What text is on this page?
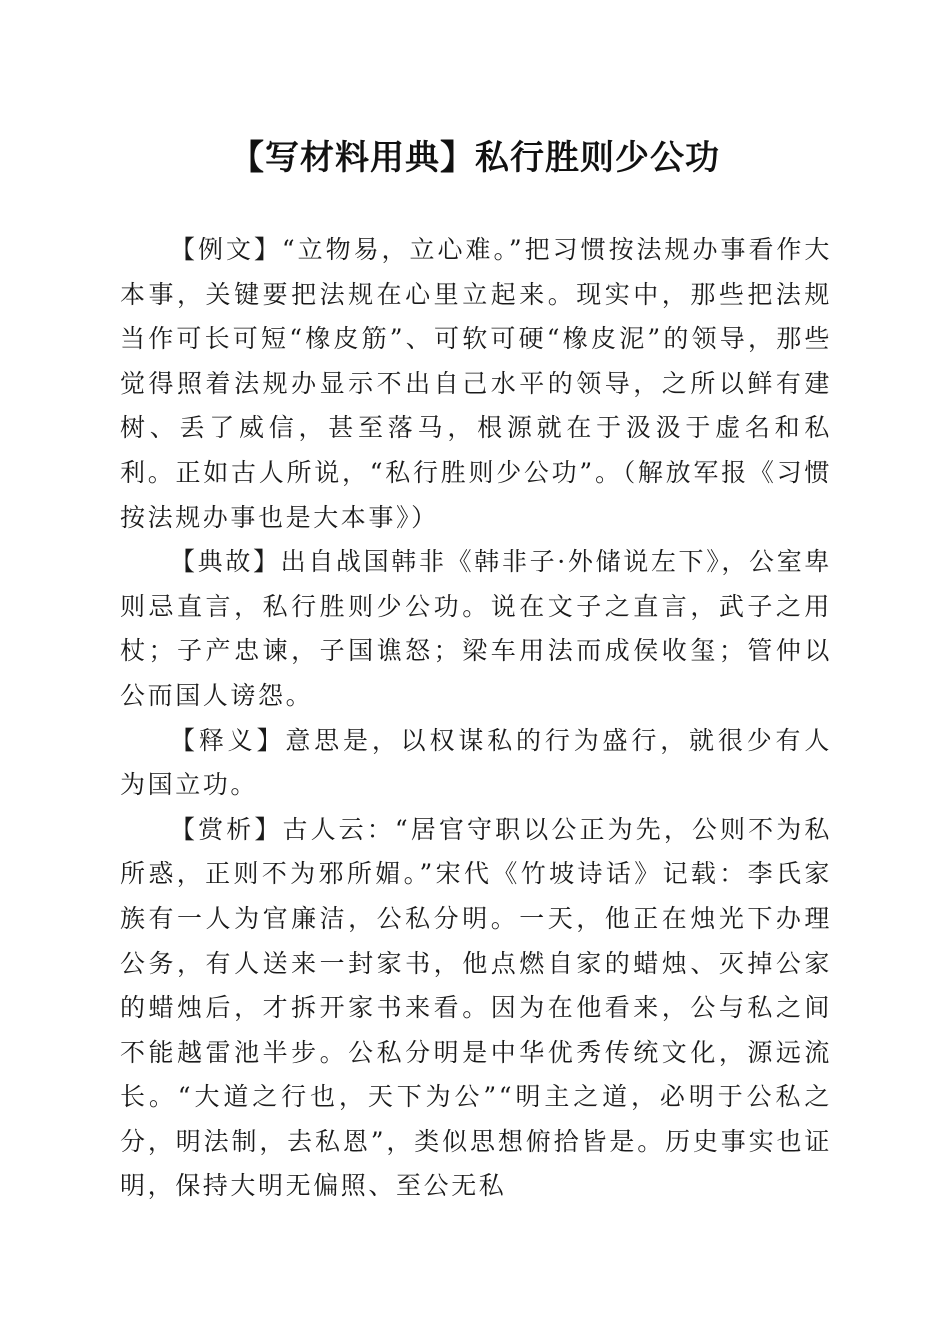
【写材料用典】私行胜则少公功

【例文】“立物易，立心难。”把习惯按法规办事看作大本事，关键要把法规在心里立起来。现实中，那些把法规当作可长可短“橡皮筋”、可软可硬“橡皮泥”的领导，那些觉得照着法规办显示不出自己水平的领导，之所以鲜有建树、丢了威信，甚至落马，根源就在于汲汲于虚名和私利。正如古人所说，“私行胜则少公功”。（解放军报《习惯按法规办事也是大本事》）

【典故】出自战国韩非《韩非子·外储说左下》，公室卑则忌直言，私行胜则少公功。说在文子之直言，武子之用杖；子产忠谏，子国谯怒；梁车用法而成侯收玺；管仲以公而国人谤怨。

【释义】意思是，以权谋私的行为盛行，就很少有人为国立功。

【赏析】古人云：“居官守职以公正为先，公则不为私所惑，正则不为邪所媚。”宋代《竹坡诗话》记载：李氏家族有一人为官廉洁，公私分明。一天，他正在烛光下办理公务，有人送来一封家书，他点燃自家的蜡烛、灭掉公家的蜡烛后，才拆开家书来看。因为在他看来，公与私之间不能越雷池半步。公私分明是中华优秀传统文化，源远流长。“大道之行也，天下为公”“明主之道，必明于公私之分，明法制，去私恩”，类似思想俯拾皆是。历史事实也证明，保持大明无偏照、至公无私
